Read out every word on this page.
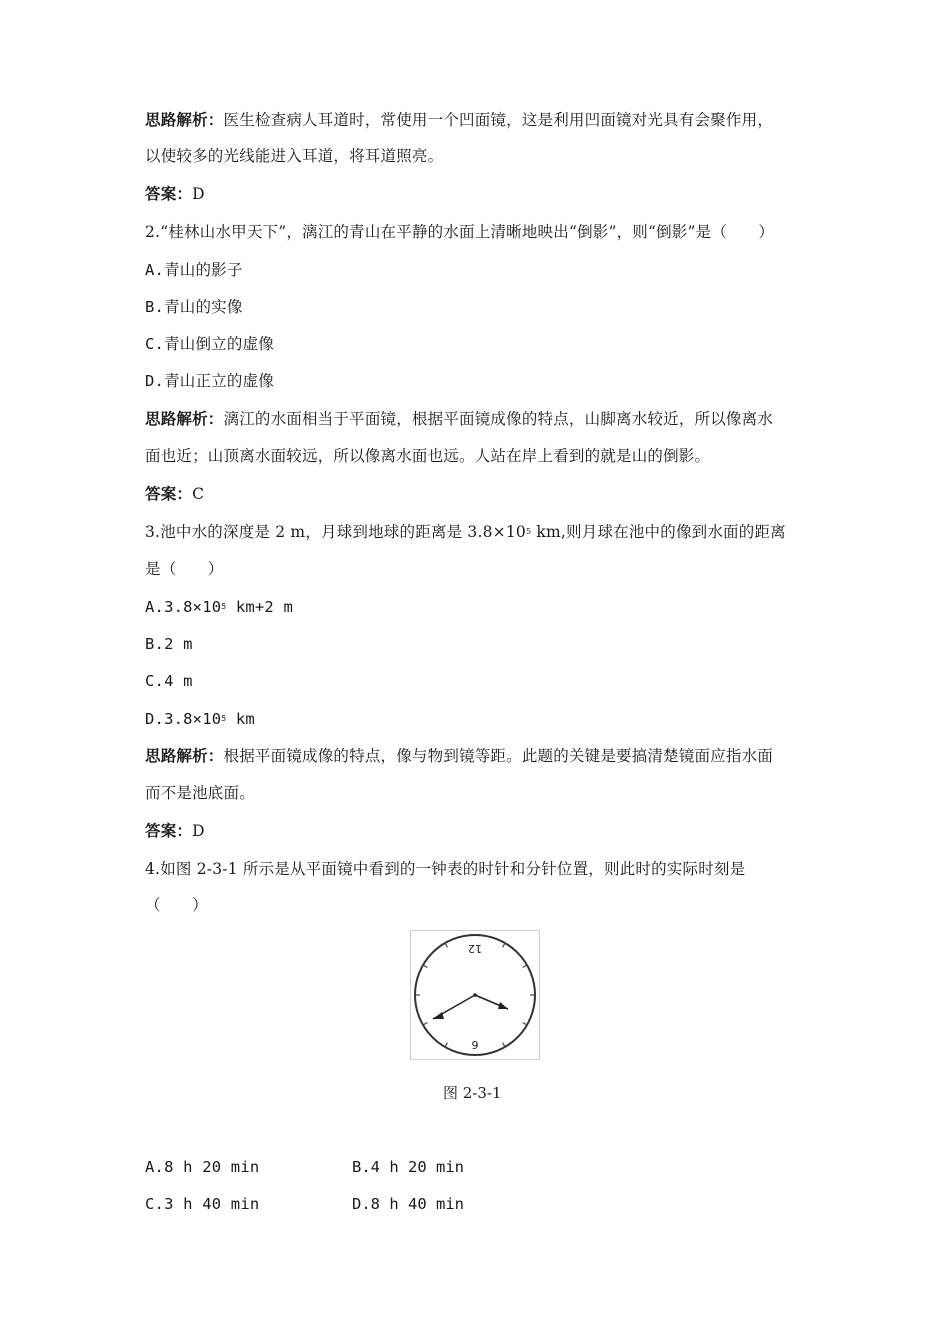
思路解析：医生检查病人耳道时，常使用一个凹面镜，这是利用凹面镜对光具有会聚作用，
以使较多的光线能进入耳道，将耳道照亮。
答案：D
2.“桂林山水甲天下”，漓江的青山在平静的水面上清晰地映出“倒影”，则“倒影”是（　　）
A.青山的影子
B.青山的实像
C.青山倒立的虚像
D.青山正立的虚像
思路解析：漓江的水面相当于平面镜，根据平面镜成像的特点，山脚离水较近，所以像离水
面也近；山顶离水面较远，所以像离水面也远。人站在岸上看到的就是山的倒影。
答案：C
3.池中水的深度是 2 m，月球到地球的距离是 $3.8\times 10^5$ km,则月球在池中的像到水面的距离
是（　　）
$A.3.8\times 10^5$ km+2 m
B.2 m
C.4 m
$D.3.8\times 10^5$ km
思路解析：根据平面镜成像的特点，像与物到镜等距。此题的关键是要搞清楚镜面应指水面
而不是池底面。
答案：D
4.如图 2-3-1 所示是从平面镜中看到的一钟表的时针和分针位置，则此时的实际时刻是
（　　）
12
6
图 2-3-1
A.8 h 20 min	B.4 h 20 min
C.3 h 40 min	D.8 h 40 min
